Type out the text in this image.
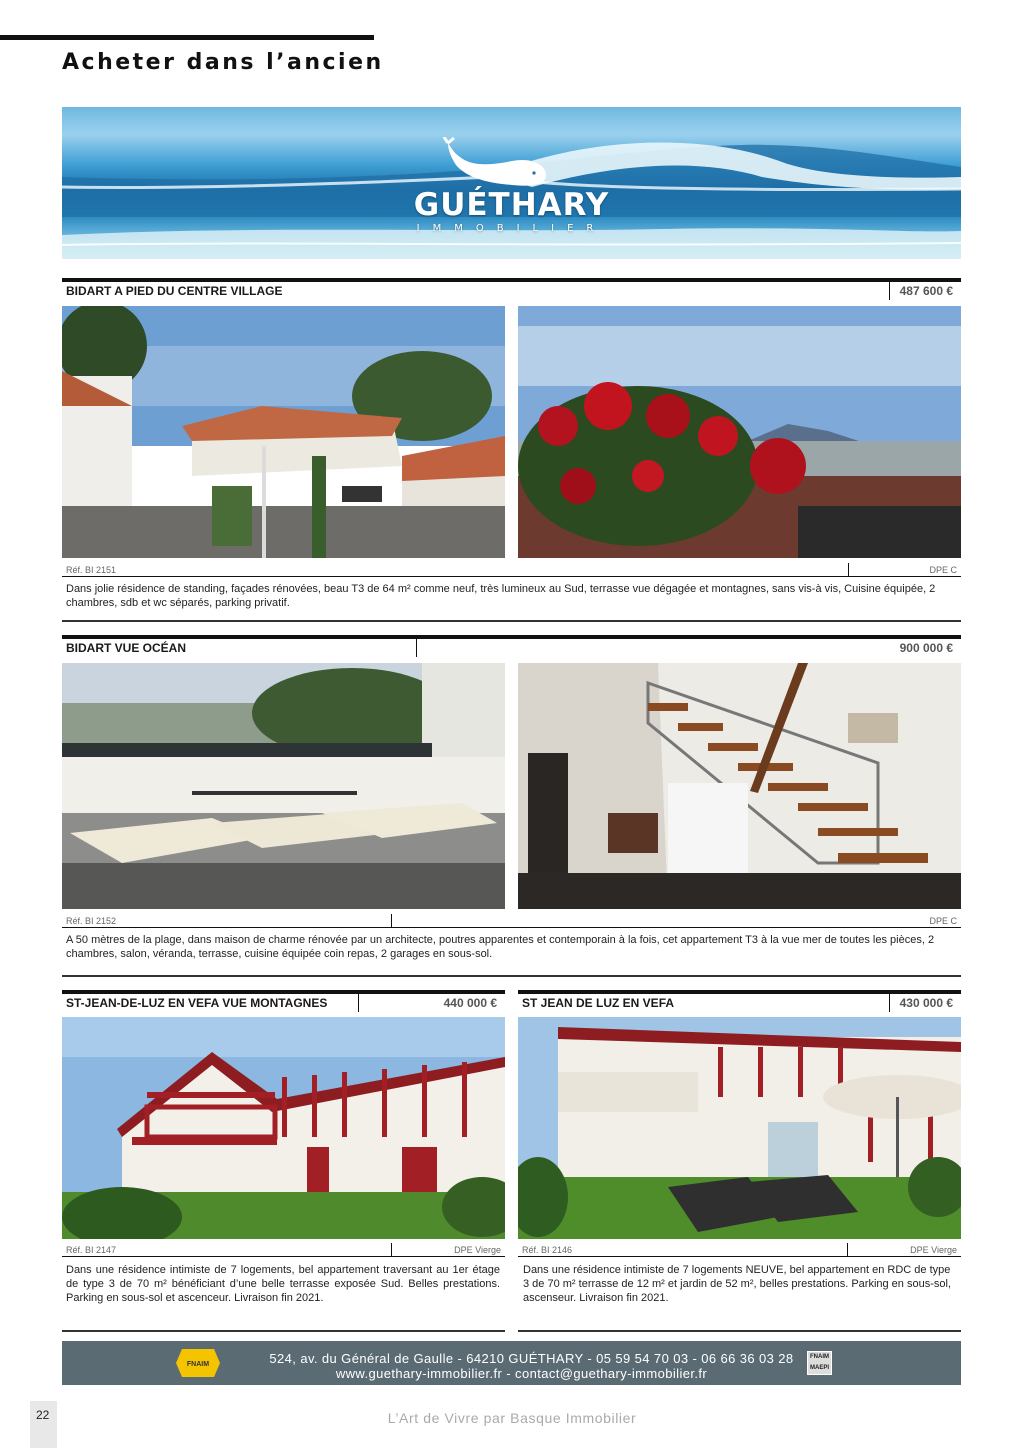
Acheter dans l’ancien
GUÉTHARY
IMMOBILIER
BIDART A PIED DU CENTRE VILLAGE	487 600 €
Réf. BI 2151	DPE C

Dans jolie résidence de standing, façades rénovées, beau T3 de 64 m² comme neuf, très lumineux au Sud, terrasse vue dégagée et montagnes, sans vis-à vis, Cuisine équipée, 2 chambres, sdb et wc séparés, parking privatif.

BIDART VUE OCÉAN	900 000 €
Réf. BI 2152	DPE C

A 50 mètres de la plage, dans maison de charme rénovée par un architecte, poutres apparentes et contemporain à la fois, cet appartement T3 à la vue mer de toutes les pièces, 2 chambres, salon, véranda, terrasse, cuisine équipée coin repas, 2 garages en sous-sol.

ST-JEAN-DE-LUZ EN VEFA VUE MONTAGNES	440 000 €
Réf. BI 2147	DPE Vierge

Dans une résidence intimiste de 7 logements, bel appartement traversant au 1er étage de type 3 de 70 m² bénéficiant d’une belle terrasse exposée Sud. Belles prestations. Parking en sous-sol et ascenceur. Livraison fin 2021.

ST JEAN DE LUZ EN VEFA	430 000 €
Réf. BI 2146	DPE Vierge

Dans une résidence intimiste de 7 logements NEUVE, bel appartement en RDC de type 3 de 70 m² terrasse de 12 m² et jardin de 52 m², belles prestations. Parking en sous-sol, ascenseur. Livraison fin 2021.

FNAIM	524, av. du Général de Gaulle - 64210 GUÉTHARY - 05 59 54 70 03 - 06 66 36 03 28
www.guethary-immobilier.fr - contact@guethary-immobilier.fr
FNAIM MAEPI
22	L’Art de Vivre par Basque Immobilier
